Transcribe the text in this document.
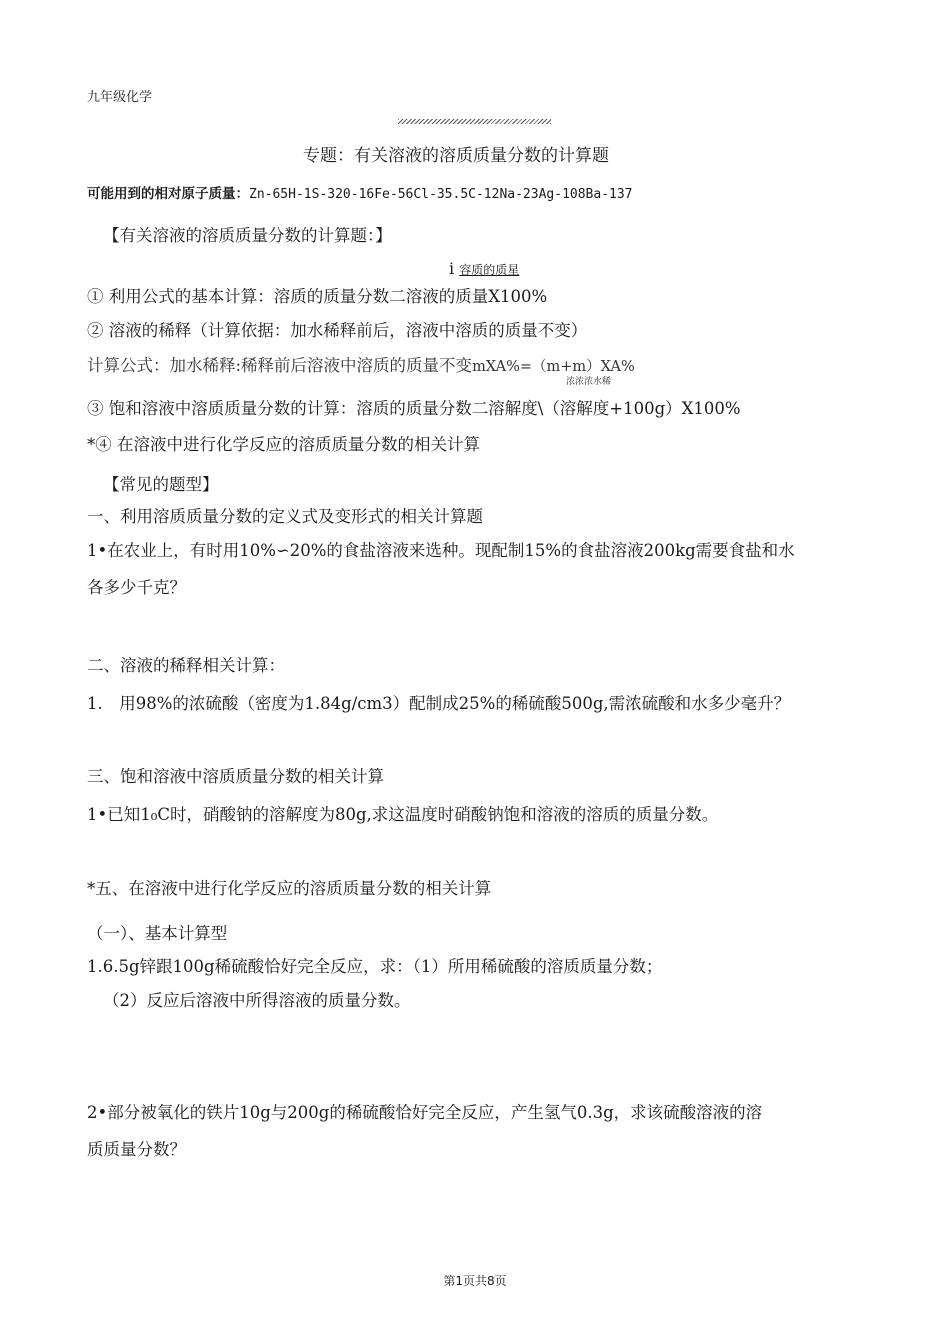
九年级化学
专题：有关溶液的溶质质量分数的计算题
可能用到的相对原子质量：Zn-65H-1S-320-16Fe-56Cl-35.5C-12Na-23Ag-108Ba-137
【有关溶液的溶质质量分数的计算题：】
i 容质的质星
① 利用公式的基本计算：溶质的质量分数二溶液的质量X100%
② 溶液的稀释（计算依据：加水稀释前后，溶液中溶质的质量不变）
计算公式：加水稀释:稀释前后溶液中溶质的质量不变mXA%=（m+m）XA%
浓浓浓水稀
③ 饱和溶液中溶质质量分数的计算：溶质的质量分数二溶解度\（溶解度+100g）X100%
*④ 在溶液中进行化学反应的溶质质量分数的相关计算
【常见的题型】
一、利用溶质质量分数的定义式及变形式的相关计算题
1•在农业上，有时用10%∽20%的食盐溶液来选种。现配制15%的食盐溶液200kg需要食盐和水
各多少千克？
二、溶液的稀释相关计算：
1.　用98%的浓硫酸（密度为1.84g/cm3）配制成25%的稀硫酸500g,需浓硫酸和水多少毫升？
三、饱和溶液中溶质质量分数的相关计算
1•已知1₀C时，硝酸钠的溶解度为80g,求这温度时硝酸钠饱和溶液的溶质的质量分数。
*五、在溶液中进行化学反应的溶质质量分数的相关计算
（一）、基本计算型
1.6.5g锌跟100g稀硫酸恰好完全反应，求：（1）所用稀硫酸的溶质质量分数；
（2）反应后溶液中所得溶液的质量分数。
2•部分被氧化的铁片10g与200g的稀硫酸恰好完全反应，产生氢气0.3g，求该硫酸溶液的溶
质质量分数？
第1页共8页
